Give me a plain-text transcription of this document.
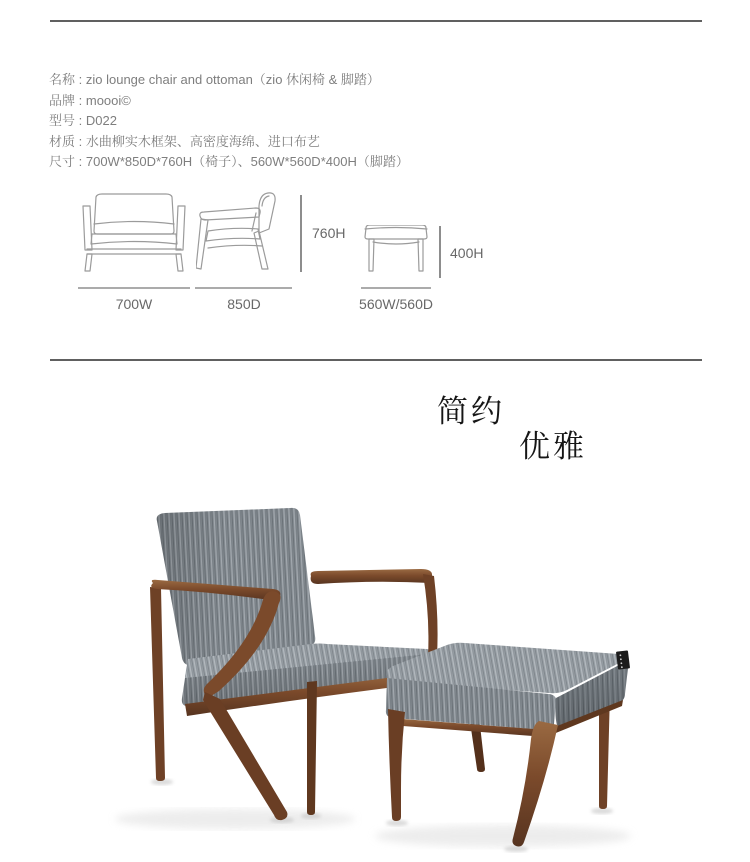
名称 : zio lounge chair and ottoman（zio 休闲椅 & 脚踏）
品牌 : moooi©
型号 : D022
材质 : 水曲柳实木框架、高密度海绵、进口布艺
尺寸 : 700W*850D*760H（椅子）、560W*560D*400H（脚踏）
700W	850D	560W/560D
760H
400H
简约
优雅
